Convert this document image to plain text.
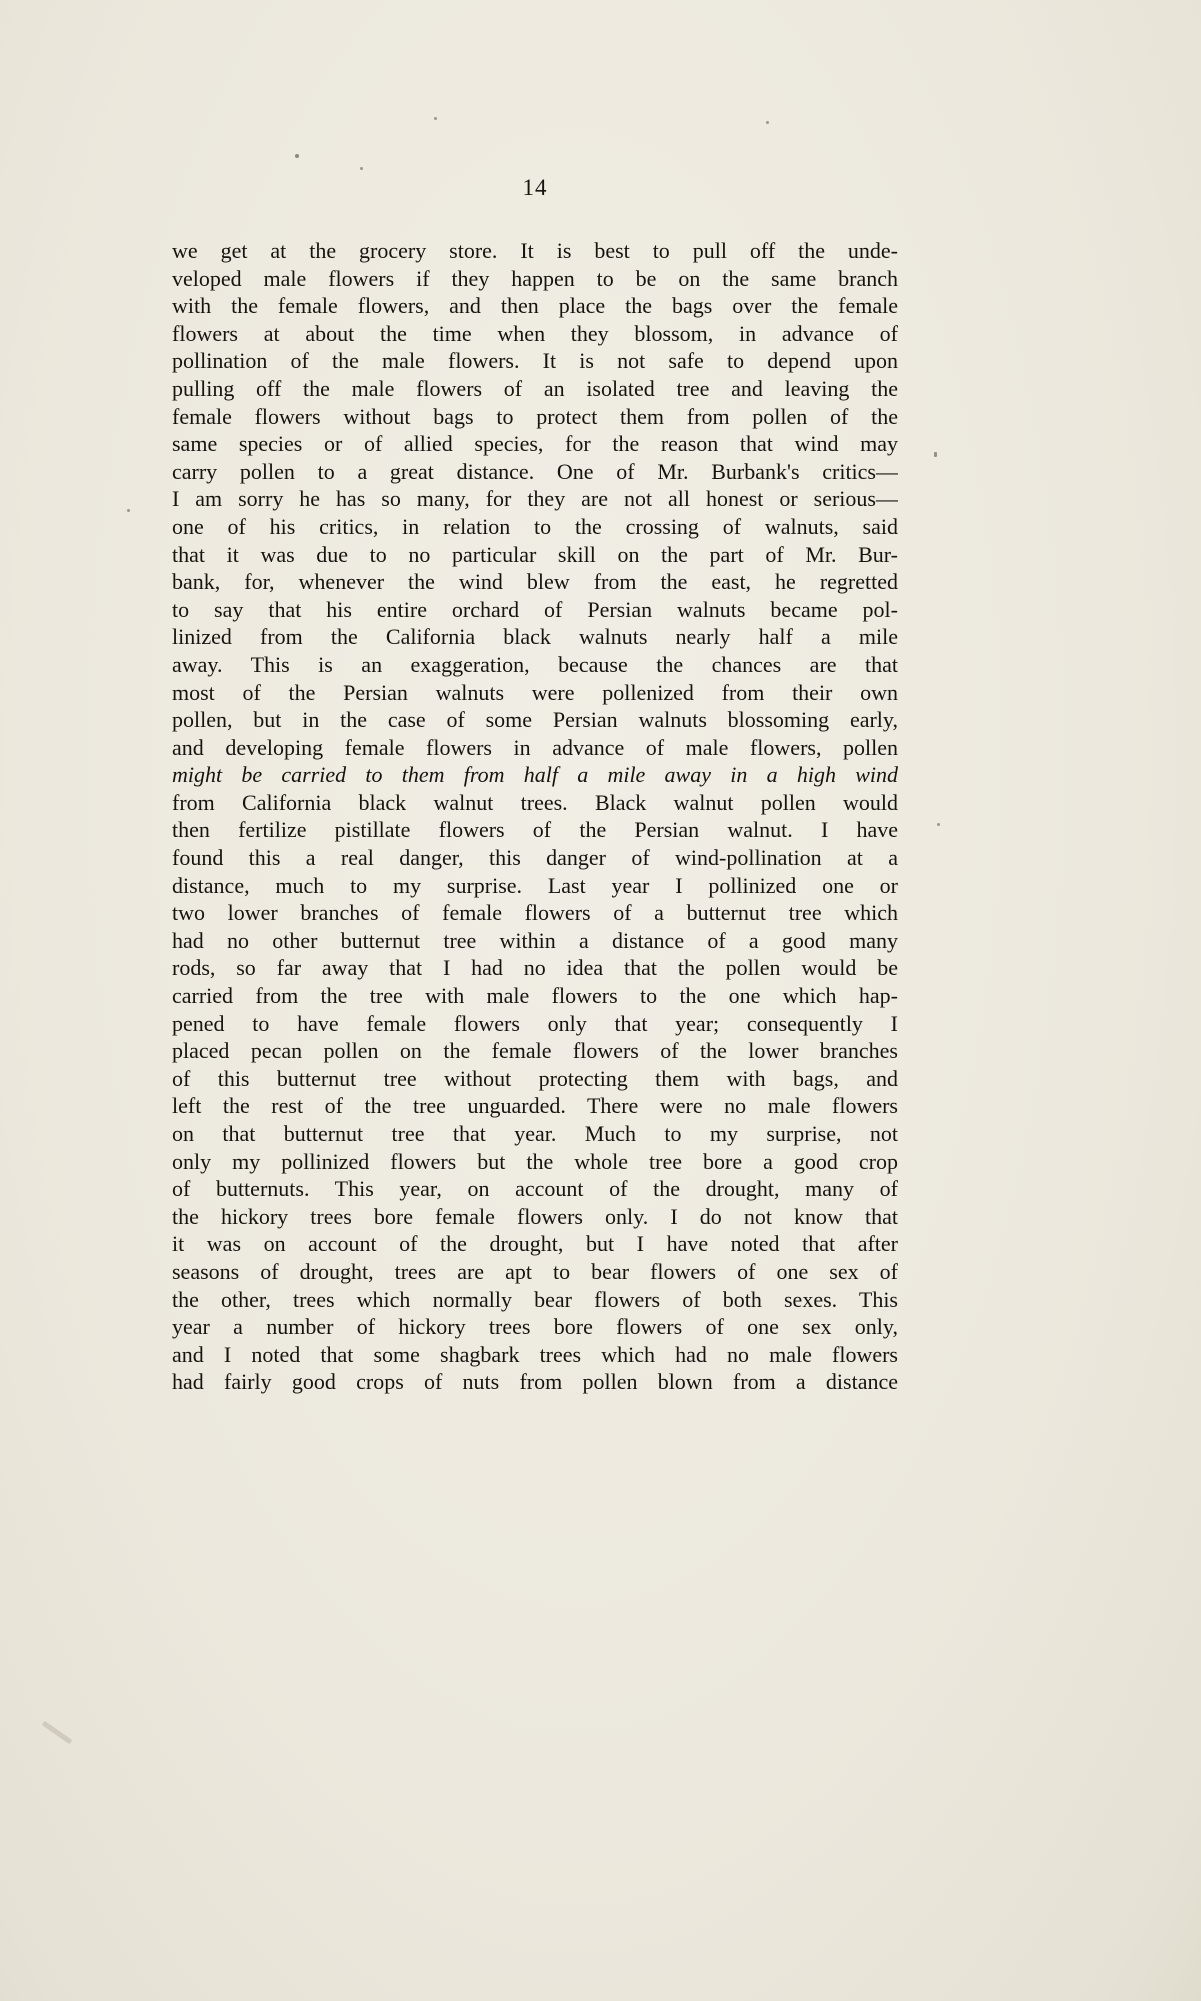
14
we get at the grocery store. It is best to pull off the unde-
veloped male flowers if they happen to be on the same branch
with the female flowers, and then place the bags over the female
flowers at about the time when they blossom, in advance of
pollination of the male flowers. It is not safe to depend upon
pulling off the male flowers of an isolated tree and leaving the
female flowers without bags to protect them from pollen of the
same species or of allied species, for the reason that wind may
carry pollen to a great distance. One of Mr. Burbank's critics—
I am sorry he has so many, for they are not all honest or serious—
one of his critics, in relation to the crossing of walnuts, said
that it was due to no particular skill on the part of Mr. Bur-
bank, for, whenever the wind blew from the east, he regretted
to say that his entire orchard of Persian walnuts became pol-
linized from the California black walnuts nearly half a mile
away. This is an exaggeration, because the chances are that
most of the Persian walnuts were pollenized from their own
pollen, but in the case of some Persian walnuts blossoming early,
and developing female flowers in advance of male flowers, pollen
might be carried to them from half a mile away in a high wind
from California black walnut trees. Black walnut pollen would
then fertilize pistillate flowers of the Persian walnut. I have
found this a real danger, this danger of wind-pollination at a
distance, much to my surprise. Last year I pollinized one or
two lower branches of female flowers of a butternut tree which
had no other butternut tree within a distance of a good many
rods, so far away that I had no idea that the pollen would be
carried from the tree with male flowers to the one which hap-
pened to have female flowers only that year; consequently I
placed pecan pollen on the female flowers of the lower branches
of this butternut tree without protecting them with bags, and
left the rest of the tree unguarded. There were no male flowers
on that butternut tree that year. Much to my surprise, not
only my pollinized flowers but the whole tree bore a good crop
of butternuts. This year, on account of the drought, many of
the hickory trees bore female flowers only. I do not know that
it was on account of the drought, but I have noted that after
seasons of drought, trees are apt to bear flowers of one sex of
the other, trees which normally bear flowers of both sexes. This
year a number of hickory trees bore flowers of one sex only,
and I noted that some shagbark trees which had no male flowers
had fairly good crops of nuts from pollen blown from a distance
